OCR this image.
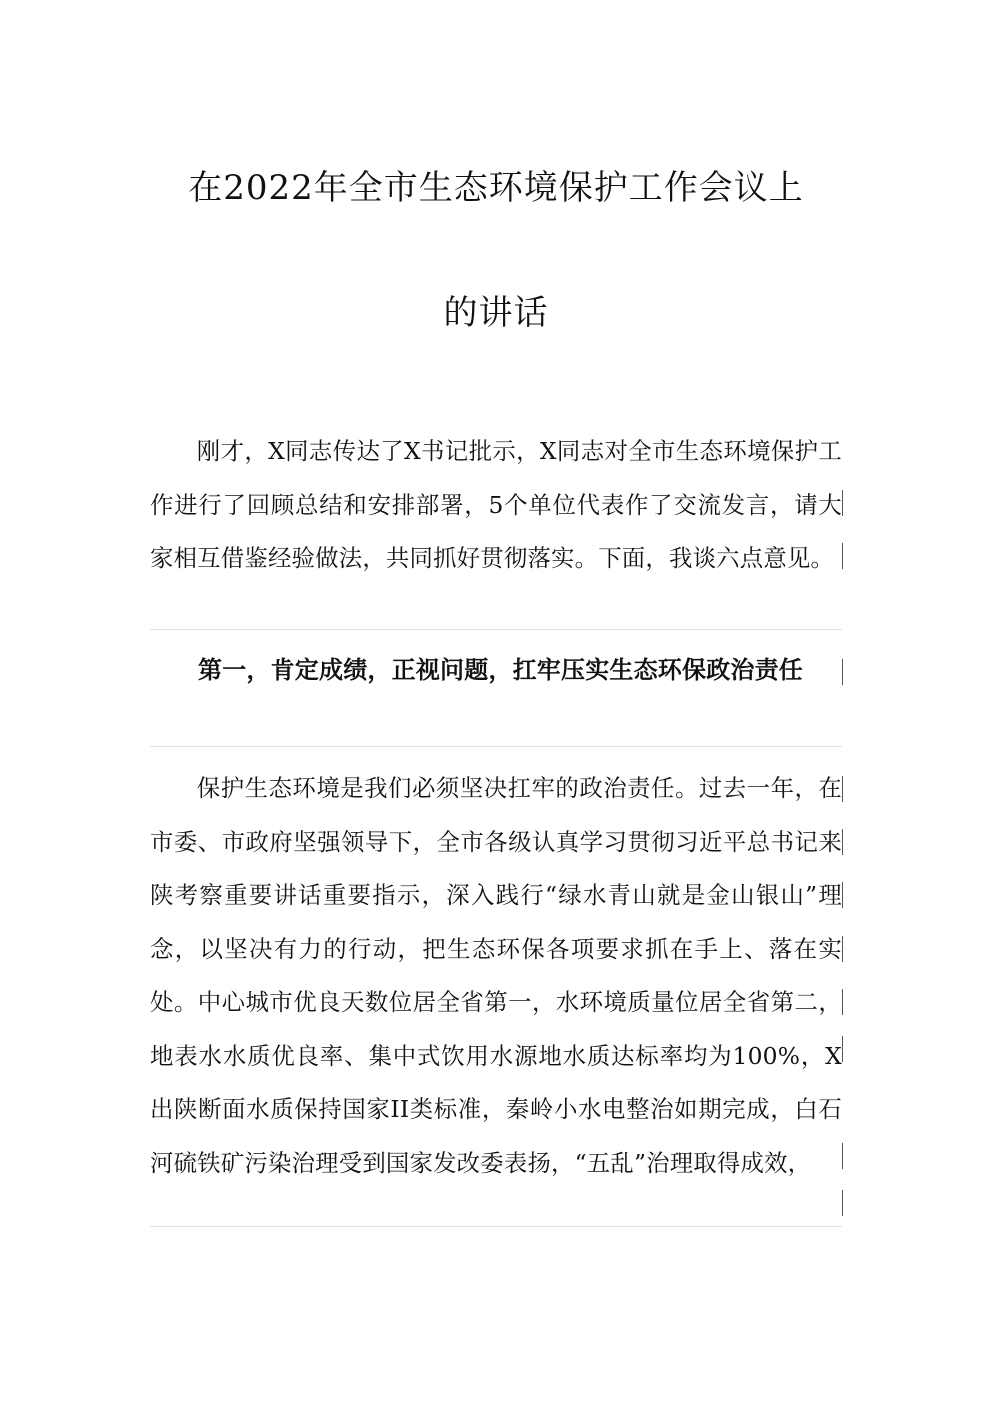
在2022年全市生态环境保护工作会议上
的讲话
刚才，X同志传达了X书记批示，X同志对全市生态环境保护工作进行了回顾总结和安排部署，5个单位代表作了交流发言，请大家相互借鉴经验做法，共同抓好贯彻落实。下面，我谈六点意见。
第一，肯定成绩，正视问题，扛牢压实生态环保政治责任
保护生态环境是我们必须坚决扛牢的政治责任。过去一年，在市委、市政府坚强领导下，全市各级认真学习贯彻习近平总书记来陕考察重要讲话重要指示，深入践行“绿水青山就是金山银山”理念，以坚决有力的行动，把生态环保各项要求抓在手上、落在实处。中心城市优良天数位居全省第一，水环境质量位居全省第二，地表水水质优良率、集中式饮用水源地水质达标率均为100%，X出陕断面水质保持国家II类标准，秦岭小水电整治如期完成，白石河硫铁矿污染治理受到国家发改委表扬，“五乱”治理取得成效，
